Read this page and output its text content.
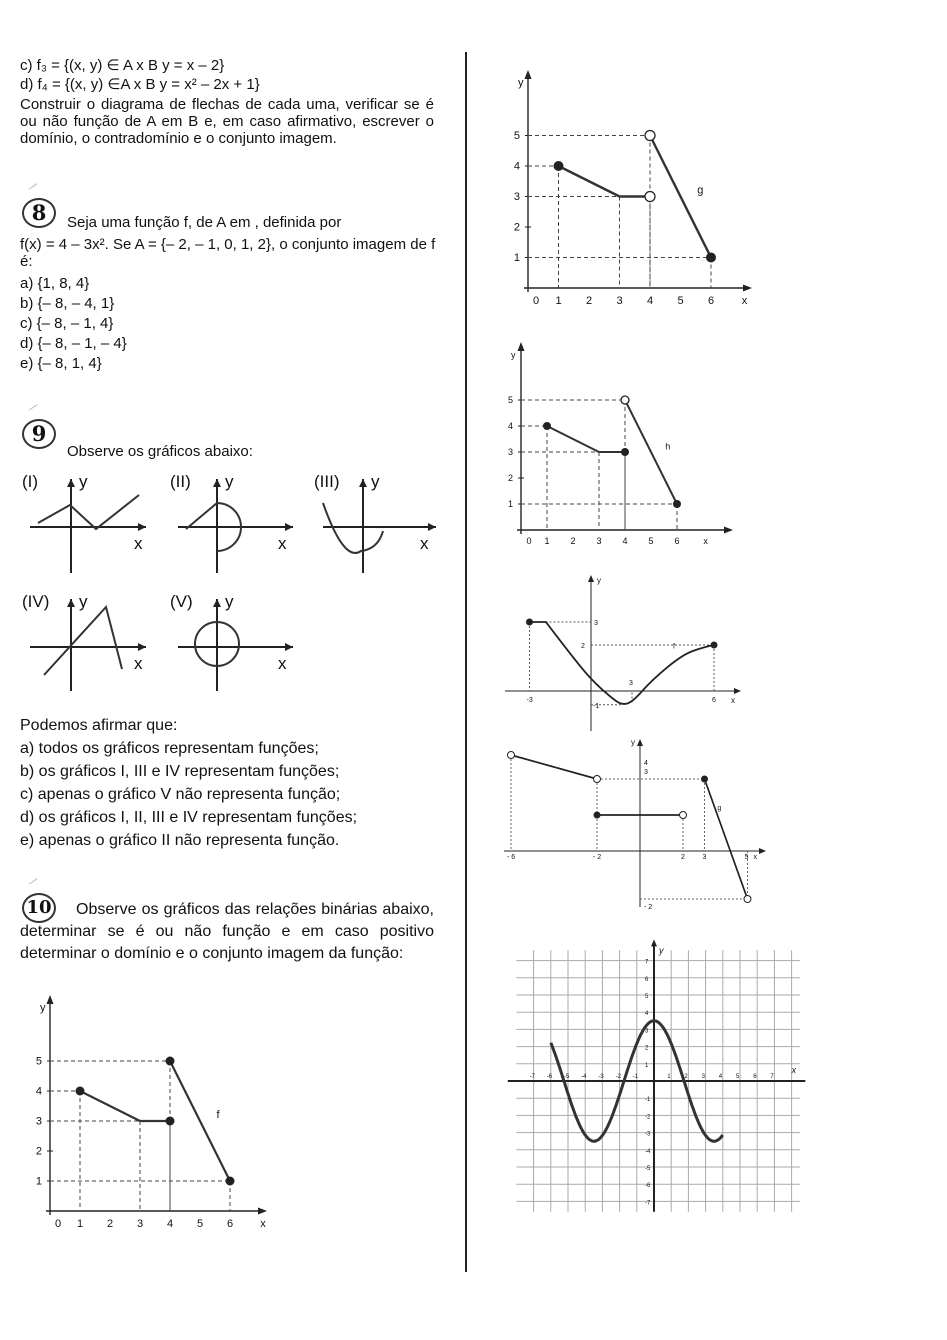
c) f₃ = {(x, y) ∈ A x B y = x – 2}

d) f₄ = {(x, y) ∈A x B y = x² – 2x + 1}

Construir o diagrama de flechas de cada uma, verificar se é ou não função de A em B e, em caso afirmativo, escrever o domínio, o contradomínio e o conjunto imagem.

8	Seja uma função f, de A em , definida por

f(x) = 4 – 3x². Se A = {– 2, – 1, 0, 1, 2}, o conjunto imagem de f é:

a) {1, 8, 4}

b) {– 8, – 4, 1}

c) {– 8, – 1, 4}

d) {– 8, – 1, – 4}

e) {– 8, 1, 4}

9

Observe os gráficos abaixo:

(I) y
x
(II) y
x
(III) y
x
(IV) y
x
(V) y
x

Podemos afirmar que:

a) todos os gráficos representam funções;

b) os gráficos I, III e IV representam funções;

c) apenas o gráfico V não representa função;

d) os gráficos I, II, III e IV representam funções;

e) apenas o gráfico II não representa função.

10	Observe os gráficos das relações binárias abaixo, determinar se é ou não função e em caso positivo determinar o domínio e o conjunto imagem da função:

0 1 2 3 4 5 6
1
2
3
4
5
x
y
f
0 1 2 3 4 5 6
1
2
3
4
5
x
y
g
0 1 2 3 4 5 6
1
2
3
4
5
x
y
h
y
x
3
2
3
-3	6
-1
f
y
4
3
- 2
- 6	- 2	2	3	5 x
g
x
y
-7 -6 -5 -4 -3 -2 -1	1 2 3 4 5 6 7
7
6
5
4
3
2
1
-1
-2
-3
-4
-5
-6
-7
